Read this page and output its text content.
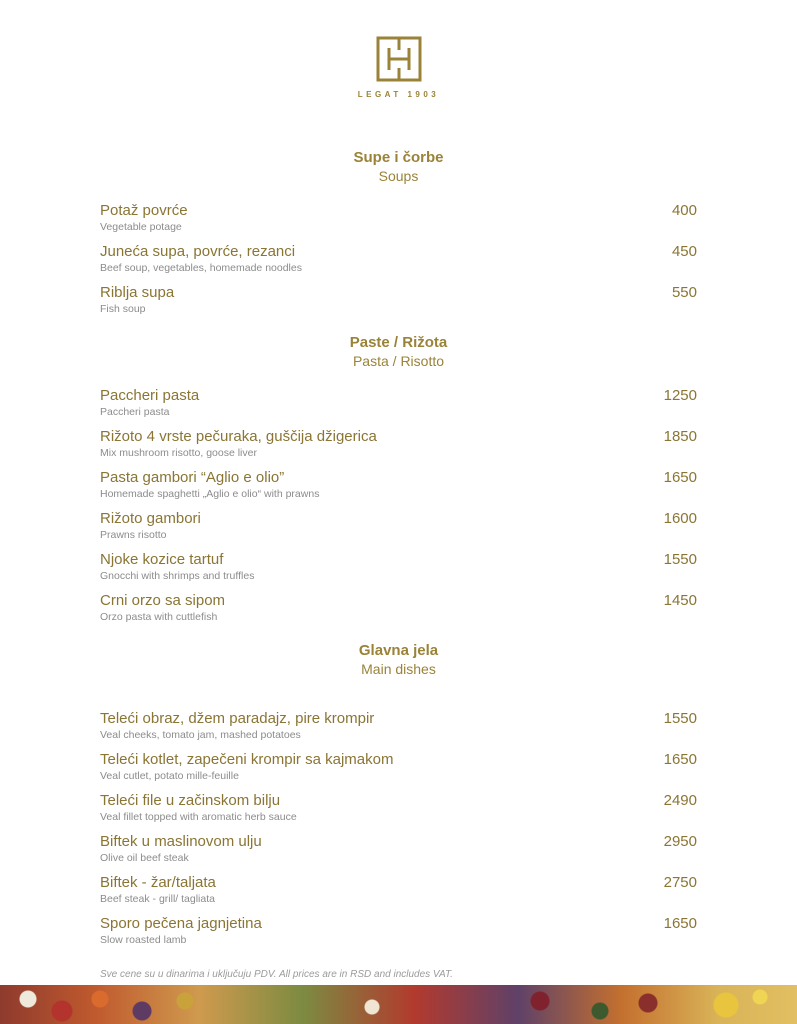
LEGAT 1903
Supe i čorbe
Soups
Potaž povrće
Vegetable potage
400
Juneća supa, povrće, rezanci
Beef soup, vegetables, homemade noodles
450
Riblja supa
Fish soup
550
Paste / Rižota
Pasta / Risotto
Paccheri pasta
Paccheri pasta
1250
Rižoto 4 vrste pečuraka, guščija džigerica
Mix mushroom risotto, goose liver
1850
Pasta gambori “Aglio e olio”
Homemade spaghetti „Aglio e olio“ with prawns
1650
Rižoto gambori
Prawns risotto
1600
Njoke kozice tartuf
Gnocchi with shrimps and truffles
1550
Crni orzo sa sipom
Orzo pasta with cuttlefish
1450
Glavna jela
Main dishes
Teleći obraz, džem paradajz, pire krompir
Veal cheeks, tomato jam, mashed potatoes
1550
Teleći kotlet, zapečeni krompir sa kajmakom
Veal cutlet, potato mille-feuille
1650
Teleći file u začinskom bilju
Veal fillet topped with aromatic herb sauce
2490
Biftek u maslinovom ulju
Olive oil beef steak
2950
Biftek - žar/taljata
Beef steak - grill/ tagliata
2750
Sporo pečena jagnjetina
Slow roasted lamb
1650

Sve cene su u dinarima i uključuju PDV. All prices are in RSD and includes VAT.
